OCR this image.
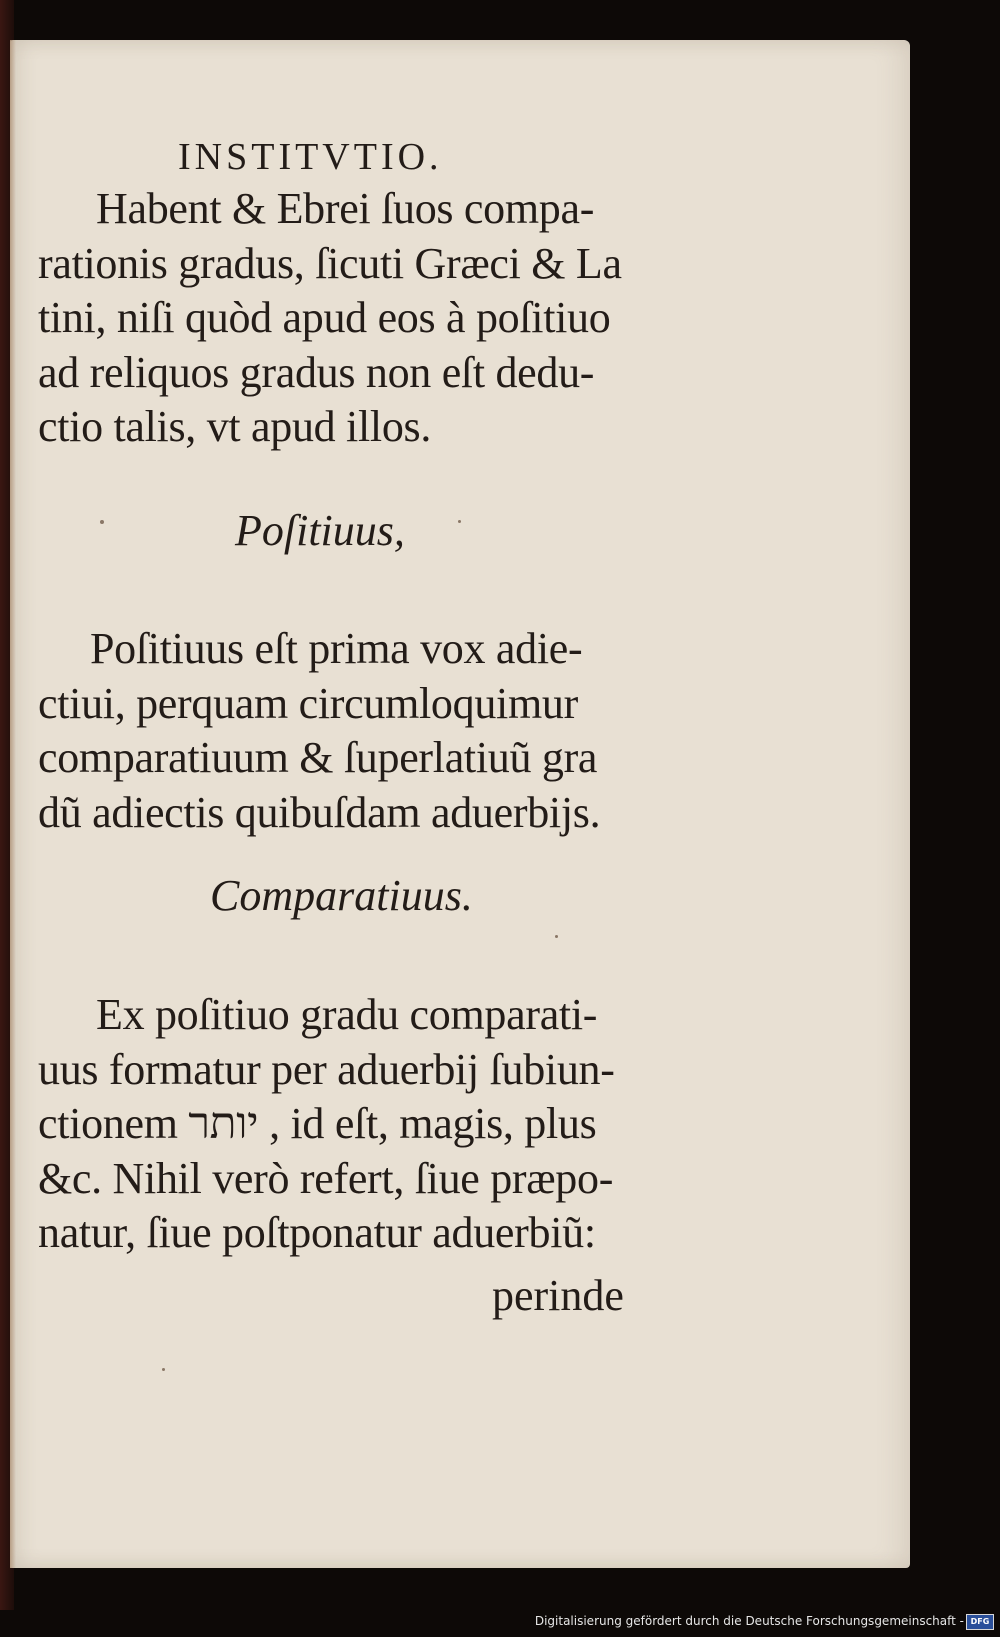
INSTITVTIO.
Habent & Ebrei ſuos compa-
rationis gradus, ſicuti Græci & La
tini, niſi quòd apud eos à poſitiuo
ad reliquos gradus non eſt dedu-
ctio talis, vt apud illos.
Poſitiuus,
Poſitiuus eſt prima vox adie-
ctiui, perquam circumloquimur
comparatiuum & ſuperlatiuũ gra
dũ adiectis quibuſdam aduerbijs.
Comparatiuus.
Ex poſitiuo gradu comparati-
uus formatur per aduerbij ſubiun-
ctionem יותר , id eſt, magis, plus
&c. Nihil verò refert, ſiue præpo-
natur, ſiue poſtponatur aduerbiũ:
perinde
Digitalisierung gefördert durch die Deutsche Forschungsgemeinschaft - DFG
